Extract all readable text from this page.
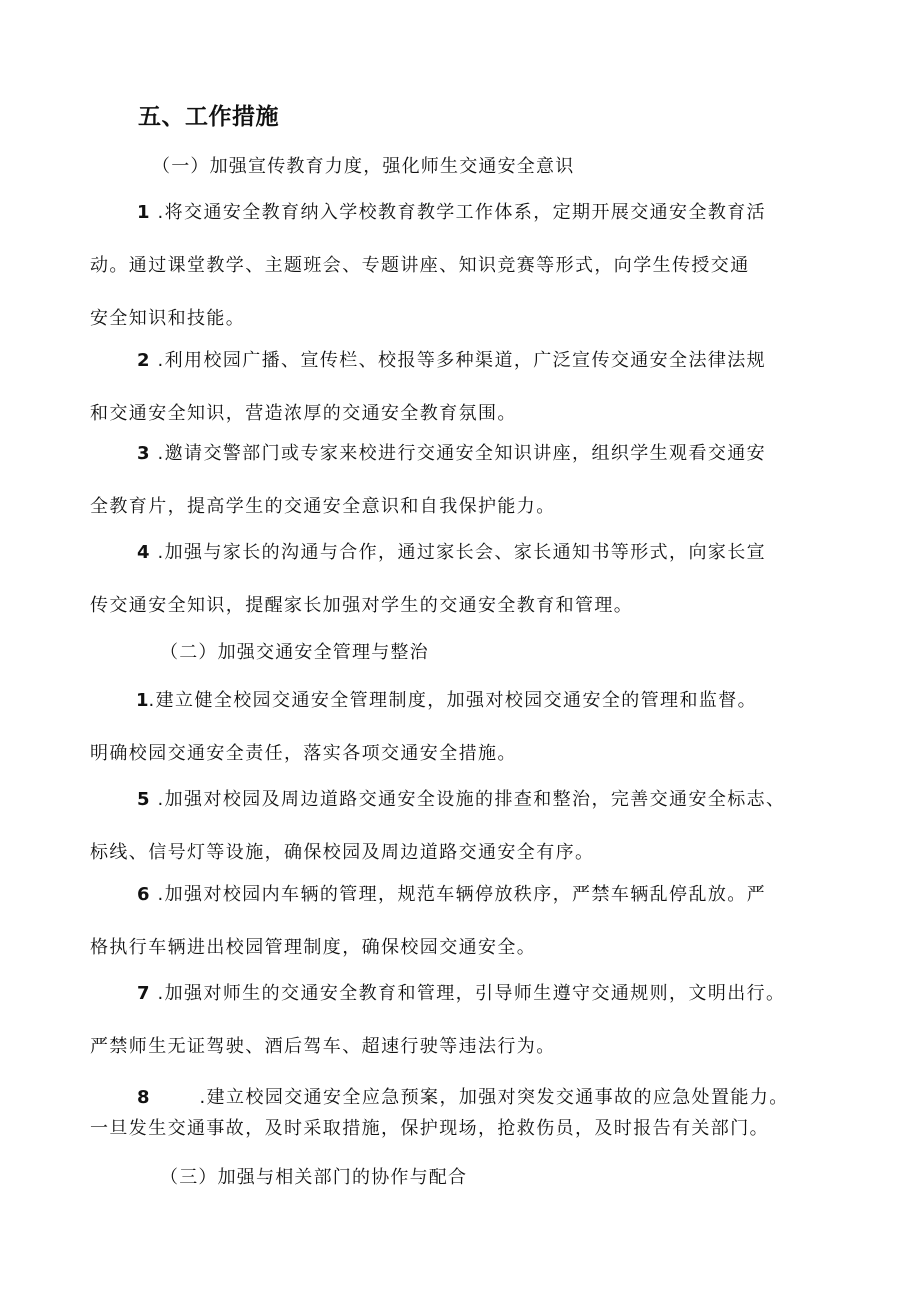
五、工作措施
（一）加强宣传教育力度，强化师生交通安全意识
1 .将交通安全教育纳入学校教育教学工作体系，定期开展交通安全教育活
动。通过课堂教学、主题班会、专题讲座、知识竞赛等形式，向学生传授交通
安全知识和技能。
2 .利用校园广播、宣传栏、校报等多种渠道，广泛宣传交通安全法律法规
和交通安全知识，营造浓厚的交通安全教育氛围。
3 .邀请交警部门或专家来校进行交通安全知识讲座，组织学生观看交通安
全教育片，提高学生的交通安全意识和自我保护能力。
4 .加强与家长的沟通与合作，通过家长会、家长通知书等形式，向家长宣
传交通安全知识，提醒家长加强对学生的交通安全教育和管理。
（二）加强交通安全管理与整治
1.建立健全校园交通安全管理制度，加强对校园交通安全的管理和监督。
明确校园交通安全责任，落实各项交通安全措施。
5 .加强对校园及周边道路交通安全设施的排查和整治，完善交通安全标志、
标线、信号灯等设施，确保校园及周边道路交通安全有序。
6 .加强对校园内车辆的管理，规范车辆停放秩序，严禁车辆乱停乱放。严
格执行车辆进出校园管理制度，确保校园交通安全。
7 .加强对师生的交通安全教育和管理，引导师生遵守交通规则，文明出行。
严禁师生无证驾驶、酒后驾车、超速行驶等违法行为。
8	.建立校园交通安全应急预案，加强对突发交通事故的应急处置能力。
一旦发生交通事故，及时采取措施，保护现场，抢救伤员，及时报告有关部门。
（三）加强与相关部门的协作与配合
